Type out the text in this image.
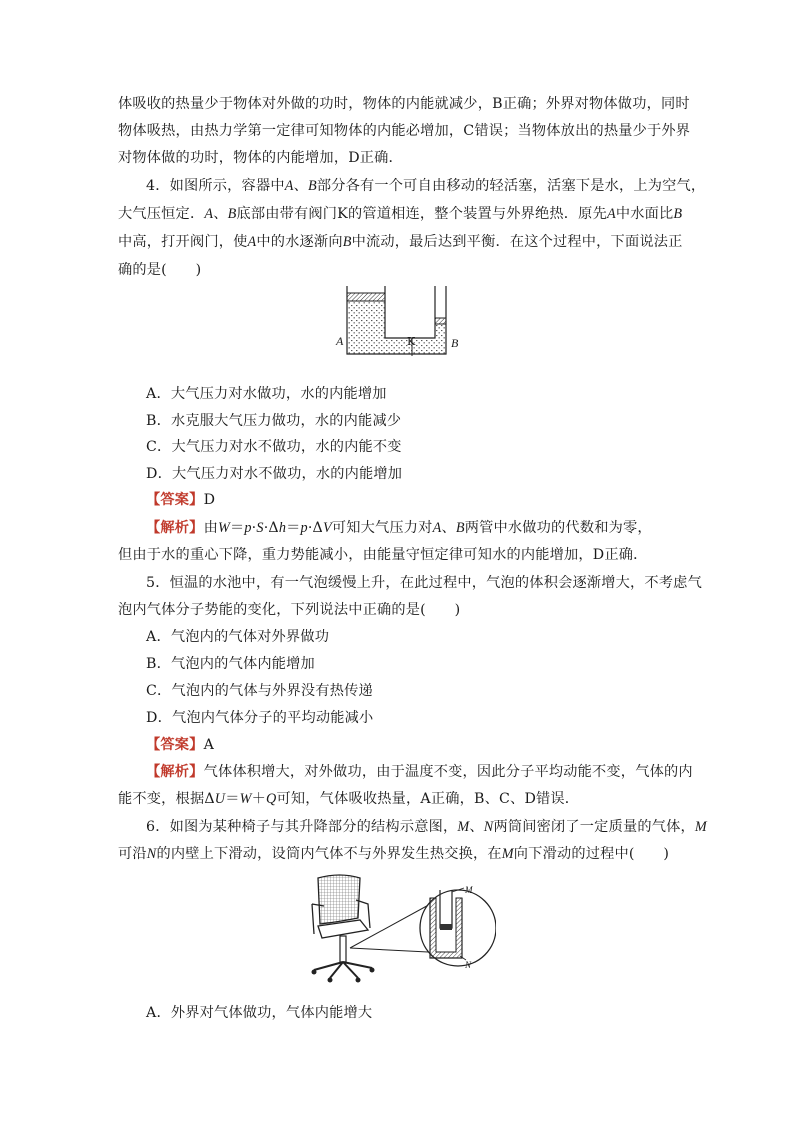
体吸收的热量少于物体对外做的功时，物体的内能就减少，B正确；外界对物体做功，同时
物体吸热，由热力学第一定律可知物体的内能必增加，C错误；当物体放出的热量少于外界
对物体做的功时，物体的内能增加，D正确．
4．如图所示，容器中A、B部分各有一个可自由移动的轻活塞，活塞下是水，上为空气，
大气压恒定．A、B底部由带有阀门K的管道相连，整个装置与外界绝热．原先A中水面比B
中高，打开阀门，使A中的水逐渐向B中流动，最后达到平衡．在这个过程中，下面说法正
确的是(　　)
A	B
K
A．大气压力对水做功，水的内能增加
B．水克服大气压力做功，水的内能减少
C．大气压力对水不做功，水的内能不变
D．大气压力对水不做功，水的内能增加
【答案】D
【解析】由W＝p·S·Δh＝p·ΔV可知大气压力对A、B两管中水做功的代数和为零，
但由于水的重心下降，重力势能减小，由能量守恒定律可知水的内能增加，D正确．
5．恒温的水池中，有一气泡缓慢上升，在此过程中，气泡的体积会逐渐增大，不考虑气
泡内气体分子势能的变化，下列说法中正确的是(　　)
A．气泡内的气体对外界做功
B．气泡内的气体内能增加
C．气泡内的气体与外界没有热传递
D．气泡内气体分子的平均动能减小
【答案】A
【解析】气体体积增大，对外做功，由于温度不变，因此分子平均动能不变，气体的内
能不变，根据ΔU＝W＋Q可知，气体吸收热量，A正确，B、C、D错误．
6．如图为某种椅子与其升降部分的结构示意图，M、N两筒间密闭了一定质量的气体，M
可沿N的内壁上下滑动，设筒内气体不与外界发生热交换，在M向下滑动的过程中(　　)
M
N
A．外界对气体做功，气体内能增大
